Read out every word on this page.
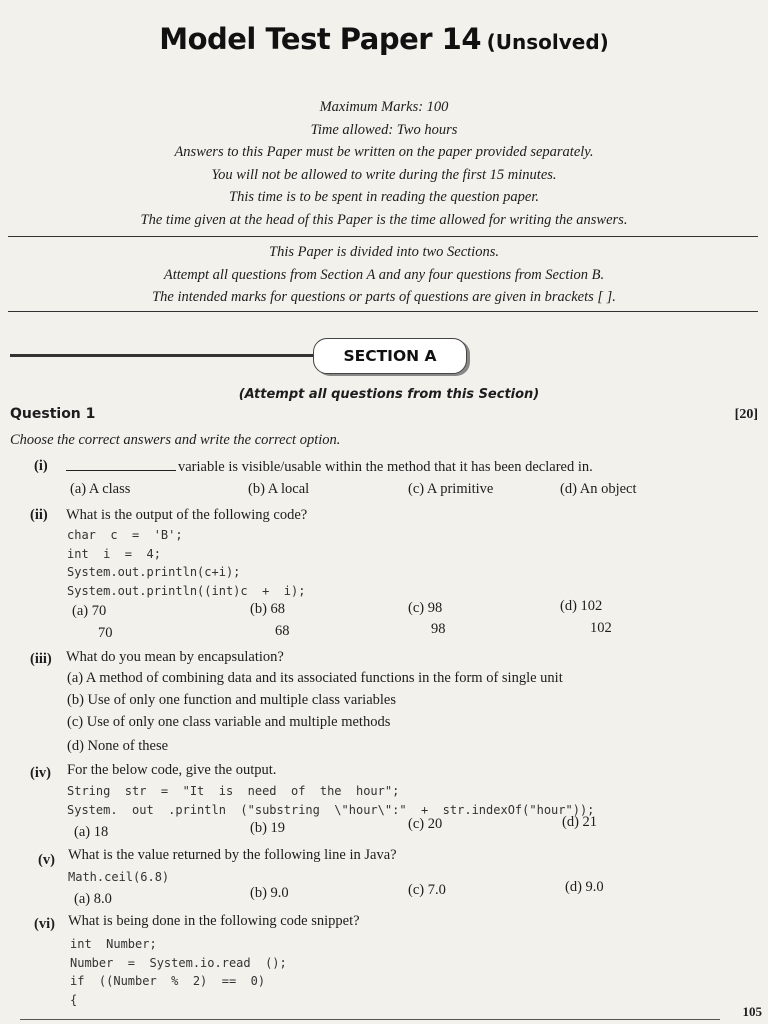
Model Test Paper 14 (Unsolved)
Maximum Marks: 100
Time allowed: Two hours
Answers to this Paper must be written on the paper provided separately.
You will not be allowed to write during the first 15 minutes.
This time is to be spent in reading the question paper.
The time given at the head of this Paper is the time allowed for writing the answers.
This Paper is divided into two Sections.
Attempt all questions from Section A and any four questions from Section B.
The intended marks for questions or parts of questions are given in brackets [ ].
SECTION A
(Attempt all questions from this Section)
Question 1	[20]
Choose the correct answers and write the correct option.
(i)	variable is visible/usable within the method that it has been declared in.
(a) A class	(b) A local	(c) A primitive	(d) An object
(ii) What is the output of the following code?
char  c  =  'B';
int  i  =  4;
System.out.println(c+i);
System.out.println((int)c  +  i);
(a) 70	(b) 68	(c) 98	(d) 102
70	68	98	102
(iii) What do you mean by encapsulation?
(a) A method of combining data and its associated functions in the form of single unit
(b) Use of only one function and multiple class variables
(c) Use of only one class variable and multiple methods
(d) None of these
(iv) For the below code, give the output.
String  str  =  "It  is  need  of  the  hour";
System.  out  .println  ("substring  \"hour\":"  +  str.indexOf("hour"));
(a) 18	(b) 19	(c) 20	(d) 21
(v) What is the value returned by the following line in Java?
Math.ceil(6.8)
(a) 8.0	(b) 9.0	(c) 7.0	(d) 9.0
(vi) What is being done in the following code snippet?
int  Number;
Number  =  System.io.read  ();
if  ((Number  %  2)  ==  0)
{
105
